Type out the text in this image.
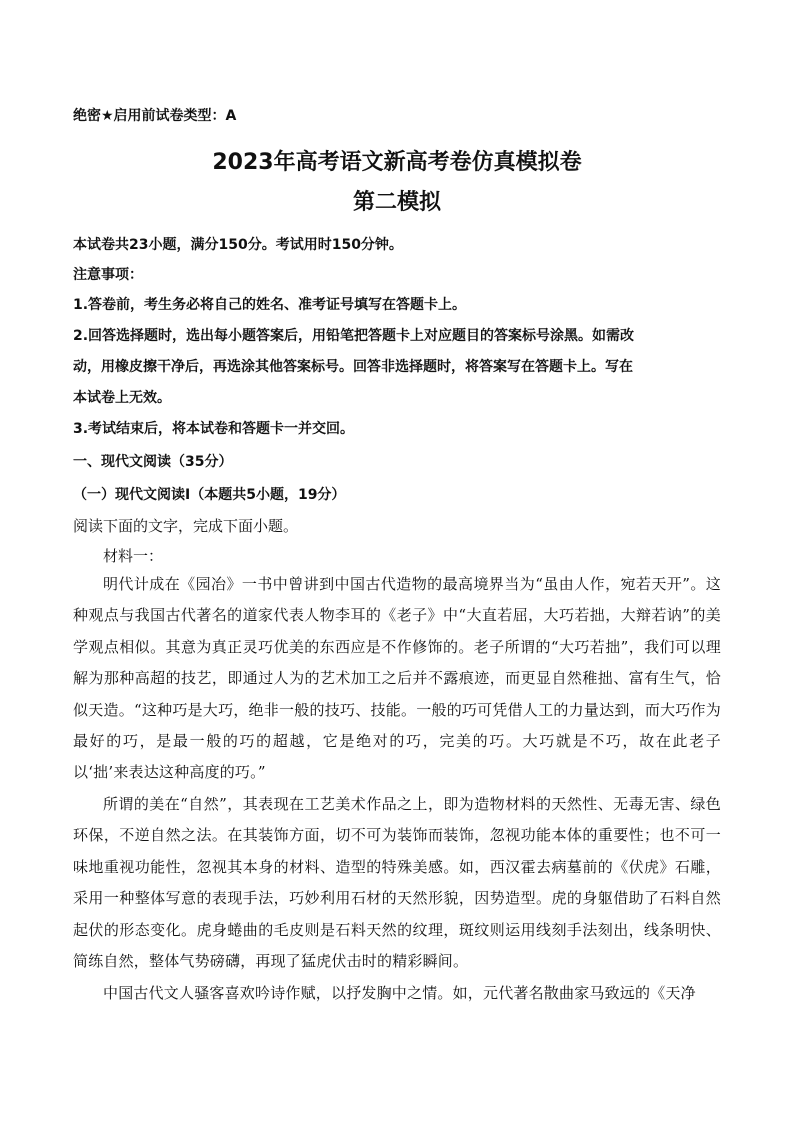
绝密★启用前试卷类型：A
2023年高考语文新高考卷仿真模拟卷
第二模拟
本试卷共23小题，满分150分。考试用时150分钟。
注意事项：
1.答卷前，考生务必将自己的姓名、准考证号填写在答题卡上。
2.回答选择题时，选出每小题答案后，用铅笔把答题卡上对应题目的答案标号涂黑。如需改
动，用橡皮擦干净后，再选涂其他答案标号。回答非选择题时，将答案写在答题卡上。写在
本试卷上无效。
3.考试结束后，将本试卷和答题卡一并交回。
一、现代文阅读（35分）
（一）现代文阅读Ⅰ（本题共5小题，19分）
阅读下面的文字，完成下面小题。
材料一：

明代计成在《园冶》一书中曾讲到中国古代造物的最高境界当为“虽由人作，宛若天开”。这种观点与我国古代著名的道家代表人物李耳的《老子》中“大直若屈，大巧若拙，大辩若讷”的美学观点相似。其意为真正灵巧优美的东西应是不作修饰的。老子所谓的“大巧若拙”，我们可以理解为那种高超的技艺，即通过人为的艺术加工之后并不露痕迹，而更显自然稚拙、富有生气，恰似天造。“这种巧是大巧，绝非一般的技巧、技能。一般的巧可凭借人工的力量达到，而大巧作为最好的巧，是最一般的巧的超越，它是绝对的巧，完美的巧。大巧就是不巧，故在此老子以‘拙’来表达这种高度的巧。”

所谓的美在“自然”，其表现在工艺美术作品之上，即为造物材料的天然性、无毒无害、绿色环保，不逆自然之法。在其装饰方面，切不可为装饰而装饰，忽视功能本体的重要性；也不可一味地重视功能性，忽视其本身的材料、造型的特殊美感。如，西汉霍去病墓前的《伏虎》石雕，采用一种整体写意的表现手法，巧妙利用石材的天然形貌，因势造型。虎的身躯借助了石料自然起伏的形态变化。虎身蜷曲的毛皮则是石料天然的纹理，斑纹则运用线刻手法刻出，线条明快、简练自然，整体气势磅礴，再现了猛虎伏击时的精彩瞬间。

中国古代文人骚客喜欢吟诗作赋，以抒发胸中之情。如，元代著名散曲家马致远的《天净
